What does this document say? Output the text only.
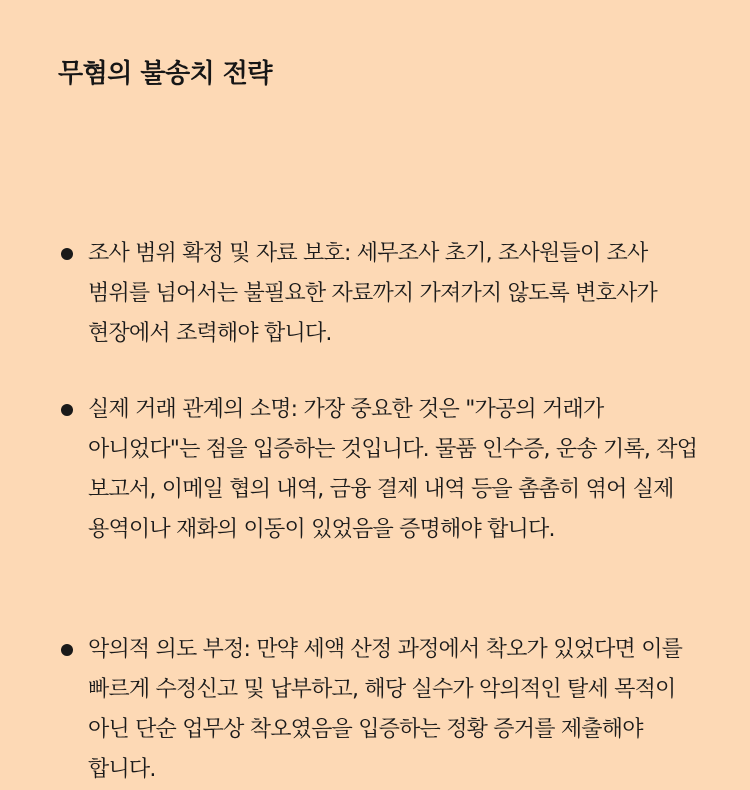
무혐의 불송치 전략
조사 범위 확정 및 자료 보호: 세무조사 초기, 조사원들이 조사 범위를 넘어서는 불필요한 자료까지 가져가지 않도록 변호사가 현장에서 조력해야 합니다.
실제 거래 관계의 소명: 가장 중요한 것은 "가공의 거래가 아니었다"는 점을 입증하는 것입니다. 물품 인수증, 운송 기록, 작업 보고서, 이메일 협의 내역, 금융 결제 내역 등을 촘촘히 엮어 실제 용역이나 재화의 이동이 있었음을 증명해야 합니다.
악의적 의도 부정: 만약 세액 산정 과정에서 착오가 있었다면 이를 빠르게 수정신고 및 납부하고, 해당 실수가 악의적인 탈세 목적이 아닌 단순 업무상 착오였음을 입증하는 정황 증거를 제출해야 합니다.
